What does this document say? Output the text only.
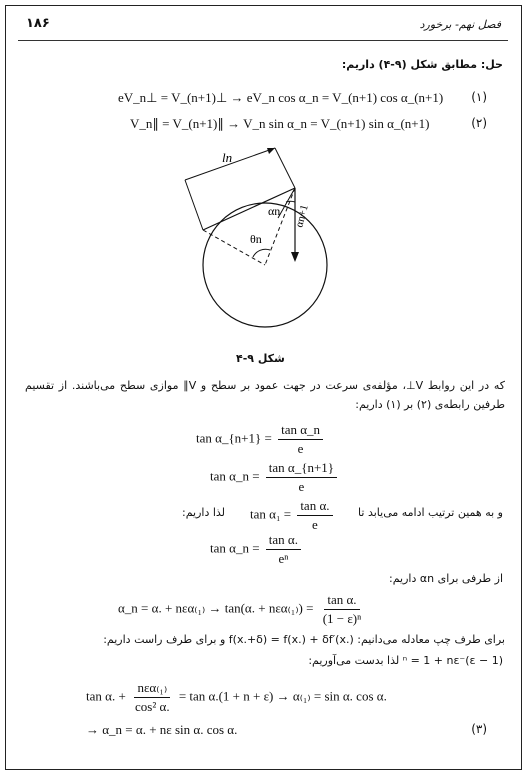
۱۸۶	فصل نهم- برخورد
حل: مطابق شکل (۹-۴) داریم:
eV_n⊥ = V_(n+1)⊥ → eV_n cos α_n = V_(n+1) cos α_(n+1) (۱)
V_n∥ = V_(n+1)∥ → V_n sin α_n = V_(n+1) sin α_(n+1)	(۲)
ln
αn αn+1
θn
شکل ۹-۴
که در این روابط V⊥، مؤلفه‌ی سرعت در جهت عمود بر سطح و V∥ موازی سطح می‌باشند. از تقسیم طرفین رابطه‌ی (۲) بر (۱) داریم:
tan α_{n+1} = $\frac{\text{tan α\_n}}{e}$
tan α_n = $\frac{\text{tan α\_\{n+1\}}}{e}$
و به همین ترتیب ادامه می‌یابد تا
$\tan \alpha_1 = \frac{\text{tan α.}}{e}$
لذا داریم:
tan α_n = $\frac{\text{tan α.}}{\text{eⁿ}}$
از طرفی برای αn داریم:
α_n = α. + nεα₍₁₎ → tan(α. + $n\varepsilon\alpha_{(1)}) = \frac{\text{tan α.}}{\text{(1 − ε)ⁿ}}$
برای طرف چپ معادله می‌دانیم: f(x.+δ) = f(x.) + δf′(x.) و برای طرف راست داریم:
(1 − ε)⁻ⁿ = 1 + nε لذا بدست می‌آوریم:
tan α. + $\frac{\text{nεα₍₁₎}}{\text{cos² α.}} = \tan \alpha.(1 + n + \varepsilon) \to \alpha_{(1)} = \sin \alpha$. cos α.
→ α_n = α. + nε sin α. cos α.	(۳)
